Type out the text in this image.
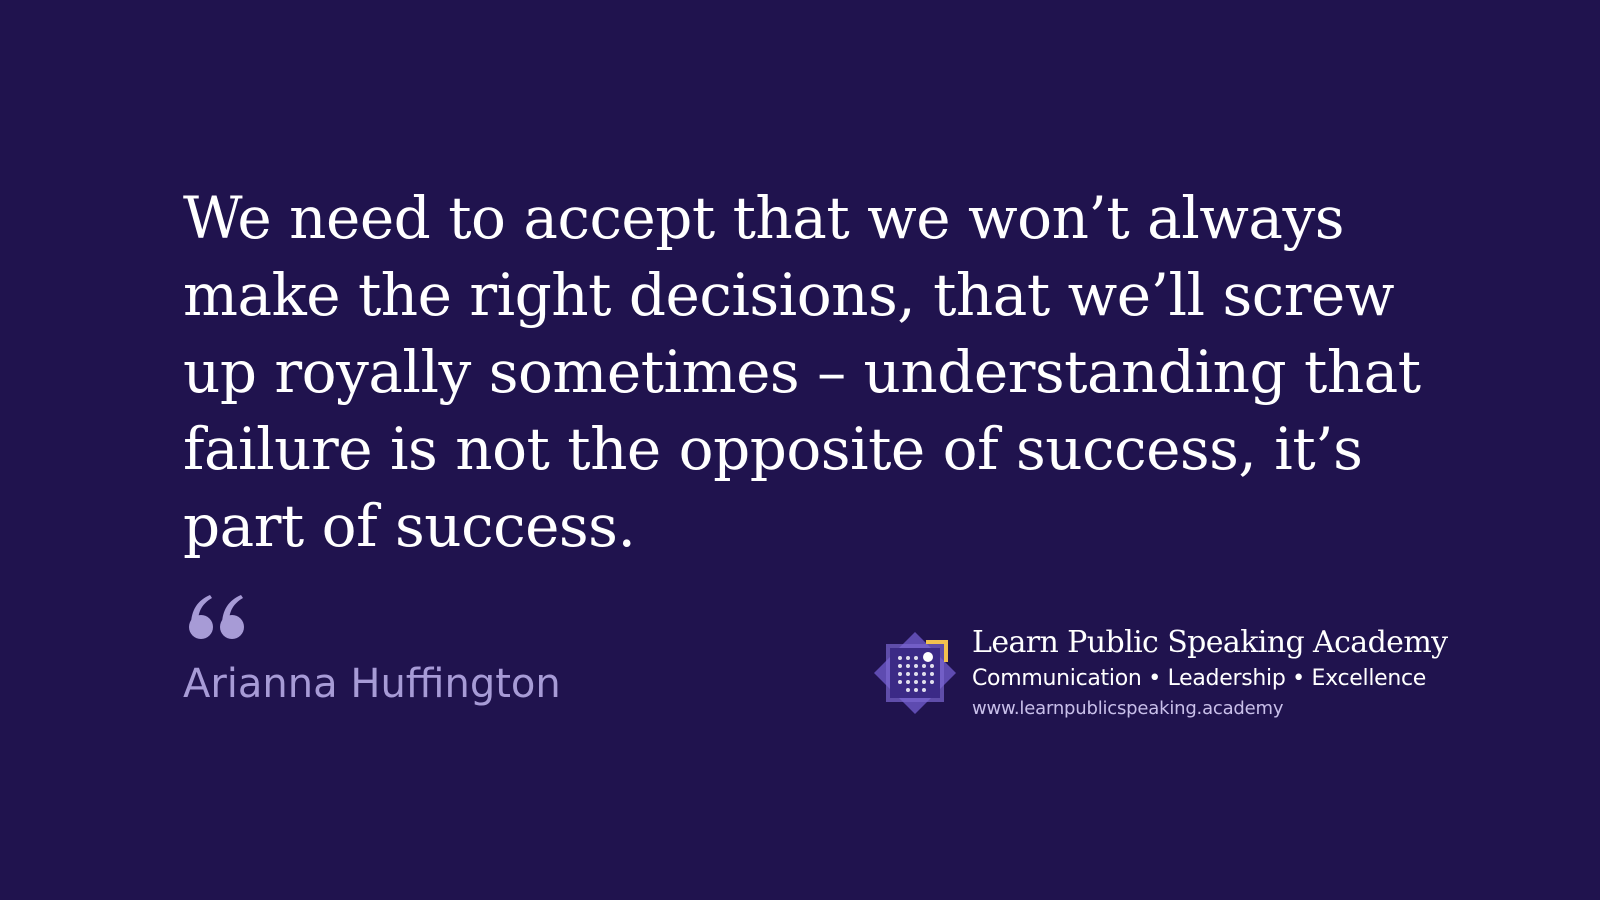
We need to accept that we won’t always make the right decisions, that we’ll screw up royally sometimes – understanding that failure is not the opposite of success, it’s part of success.

Arianna Huffington

Learn Public Speaking Academy
Communication • Leadership • Excellence
www.learnpublicspeaking.academy
